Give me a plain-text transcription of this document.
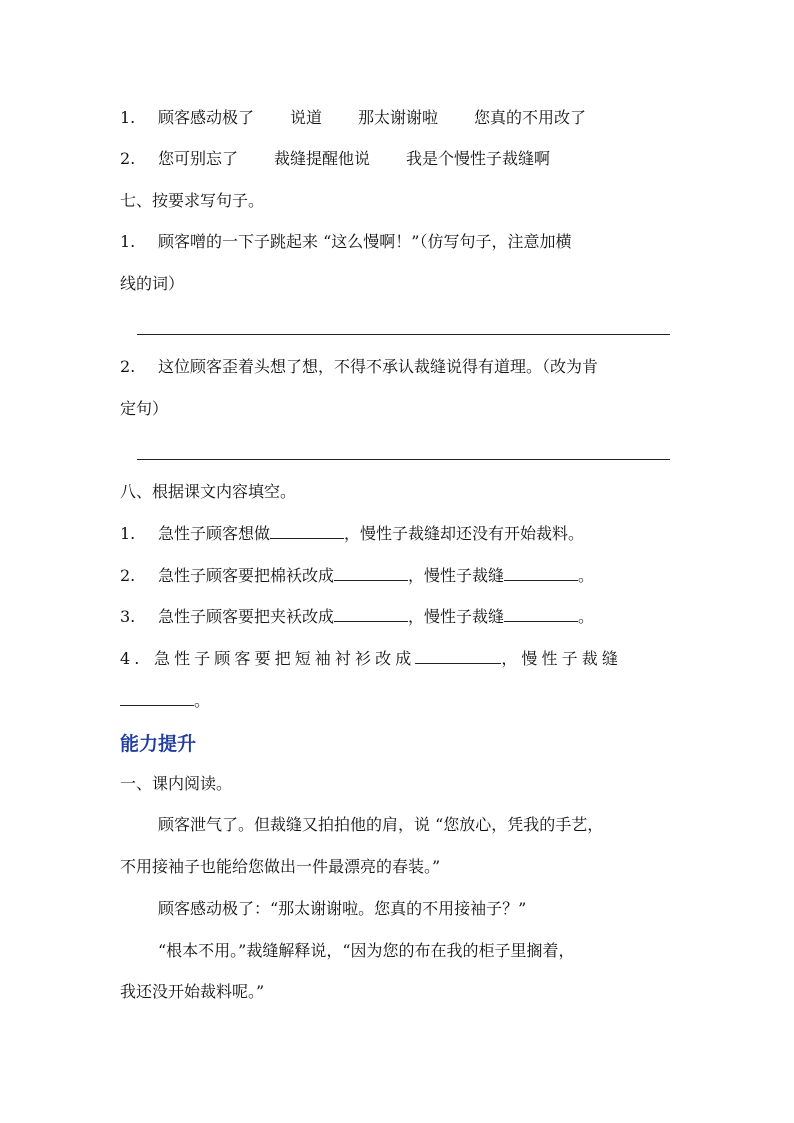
1. 顾客感动极了 说道 那太谢谢啦 您真的不用改了
2. 您可别忘了 裁缝提醒他说 我是个慢性子裁缝啊
七、按要求写句子。
1. 顾客噌的一下子跳起来 “这么慢啊！”（仿写句子，注意加横
线的词）
2. 这位顾客歪着头想了想，不得不承认裁缝说得有道理。（改为肯
定句）
八、根据课文内容填空。
1. 急性子顾客想做	，慢性子裁缝却还没有开始裁料。
2. 急性子顾客要把棉袄改成	，慢性子裁缝	。
3. 急性子顾客要把夹袄改成	，慢性子裁缝	。
4. 急性子顾客要把短袖衬衫改成	，慢性子裁缝
。
能力提升
一、课内阅读。
顾客泄气了。但裁缝又拍拍他的肩，说 “您放心，凭我的手艺，
不用接袖子也能给您做出一件最漂亮的春装。”
顾客感动极了：“那太谢谢啦。您真的不用接袖子？”
“根本不用。”裁缝解释说，“因为您的布在我的柜子里搁着，
我还没开始裁料呢。”
